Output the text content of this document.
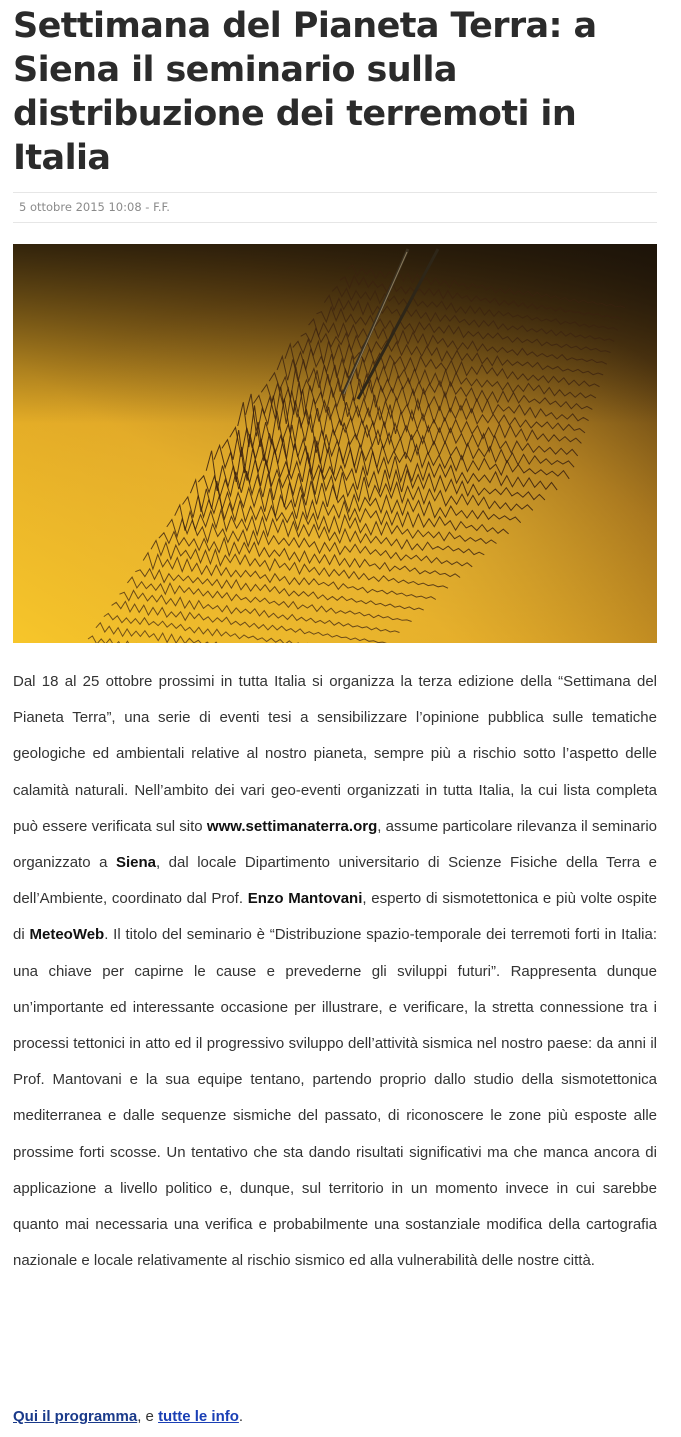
Settimana del Pianeta Terra: a Siena il seminario sulla distribuzione dei terremoti in Italia
5 ottobre 2015 10:08 - F.F.

Dal 18 al 25 ottobre prossimi in tutta Italia si organizza la terza edizione della “Settimana del Pianeta Terra”, una serie di eventi tesi a sensibilizzare l’opinione pubblica sulle tematiche geologiche ed ambientali relative al nostro pianeta, sempre più a rischio sotto l’aspetto delle calamità naturali. Nell’ambito dei vari geo-eventi organizzati in tutta Italia, la cui lista completa può essere verificata sul sito www.settimanaterra.org, assume particolare rilevanza il seminario organizzato a Siena, dal locale Dipartimento universitario di Scienze Fisiche della Terra e dell’Ambiente, coordinato dal Prof. Enzo Mantovani, esperto di sismotettonica e più volte ospite di MeteoWeb. Il titolo del seminario è “Distribuzione spazio-temporale dei terremoti forti in Italia: una chiave per capirne le cause e prevederne gli sviluppi futuri”. Rappresenta dunque un’importante ed interessante occasione per illustrare, e verificare, la stretta connessione tra i processi tettonici in atto ed il progressivo sviluppo dell’attività sismica nel nostro paese: da anni il Prof. Mantovani e la sua equipe tentano, partendo proprio dallo studio della sismotettonica mediterranea e dalle sequenze sismiche del passato, di riconoscere le zone più esposte alle prossime forti scosse. Un tentativo che sta dando risultati significativi ma che manca ancora di applicazione a livello politico e, dunque, sul territorio in un momento invece in cui sarebbe quanto mai necessaria una verifica e probabilmente una sostanziale modifica della cartografia nazionale e locale relativamente al rischio sismico ed alla vulnerabilità delle nostre città.

Qui il programma, e tutte le info.
